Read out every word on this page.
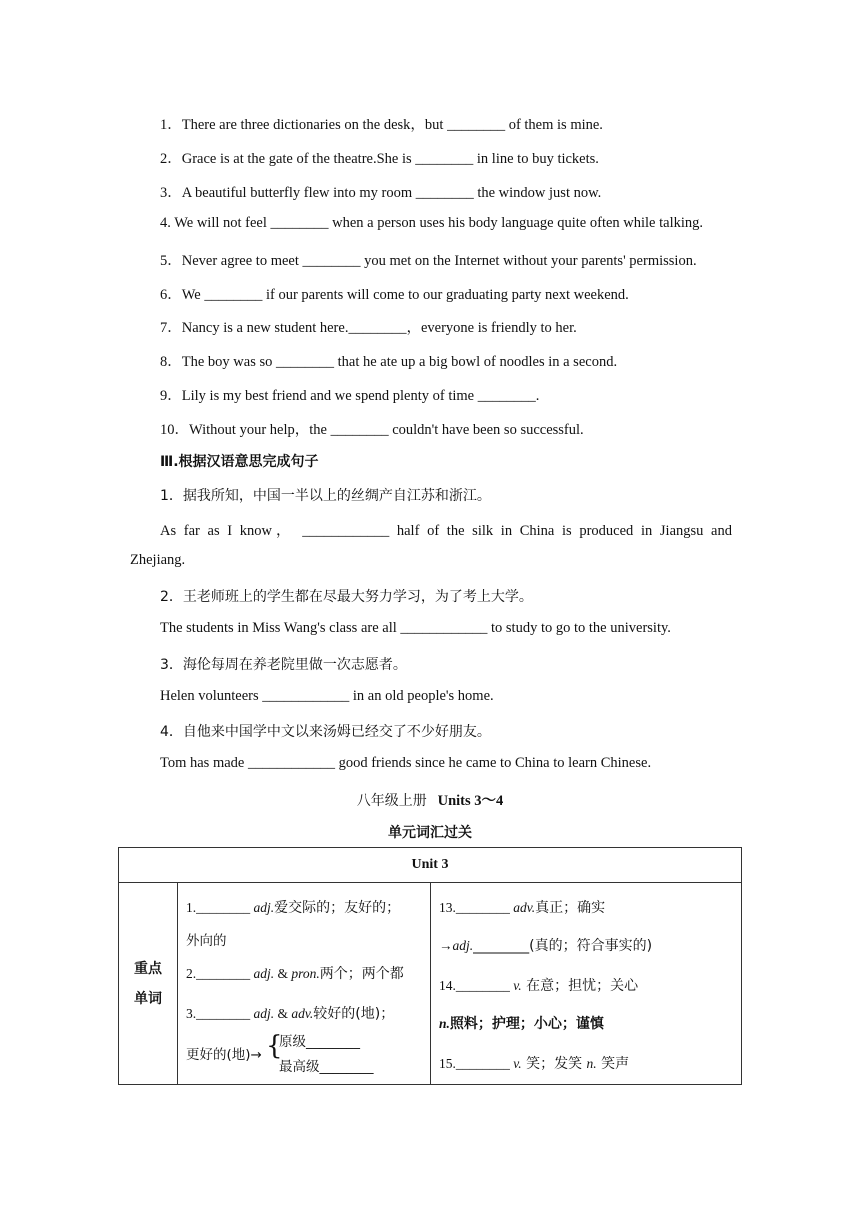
1．There are three dictionaries on the desk，but ________ of them is mine.
2．Grace is at the gate of the theatre.She is ________ in line to buy tickets.
3．A beautiful butterfly flew into my room ________ the window just now.
4. We will not feel ________ when a person uses his body language quite often while talking.
5．Never agree to meet ________ you met on the Internet without your parents' permission.
6．We ________ if our parents will come to our graduating party next weekend.
7．Nancy is a new student here.________，everyone is friendly to her.
8．The boy was so ________ that he ate up a big bowl of noodles in a second.
9．Lily is my best friend and we spend plenty of time ________.
10．Without your help，the ________ couldn't have been so successful.
Ⅲ.根据汉语意思完成句子
1．据我所知，中国一半以上的丝绸产自江苏和浙江。
As far as I know， ____________ half of the silk in China is produced in Jiangsu and
Zhejiang.
2．王老师班上的学生都在尽最大努力学习，为了考上大学。
The students in Miss Wang's class are all ____________ to study to go to the university.
3．海伦每周在养老院里做一次志愿者。
Helen volunteers ____________ in an old people's home.
4．自他来中国学中文以来汤姆已经交了不少好朋友。
Tom has made ____________ good friends since he came to China to learn Chinese.
八年级上册 Units 3～4
单元词汇过关
Unit 3

重点
单词

1.________ adj.爱交际的；友好的；
外向的
2.________ adj. & pron.两个；两个都
3.________ adj. & adv.较好的(地)；
更好的(地)→ {
原级________
最高级________

13.________ adv.真正；确实
→adj.________(真的；符合事实的)
14.________ v. 在意；担忧；关心
n.照料；护理；小心；谨慎
15.________ v. 笑；发笑 n. 笑声
